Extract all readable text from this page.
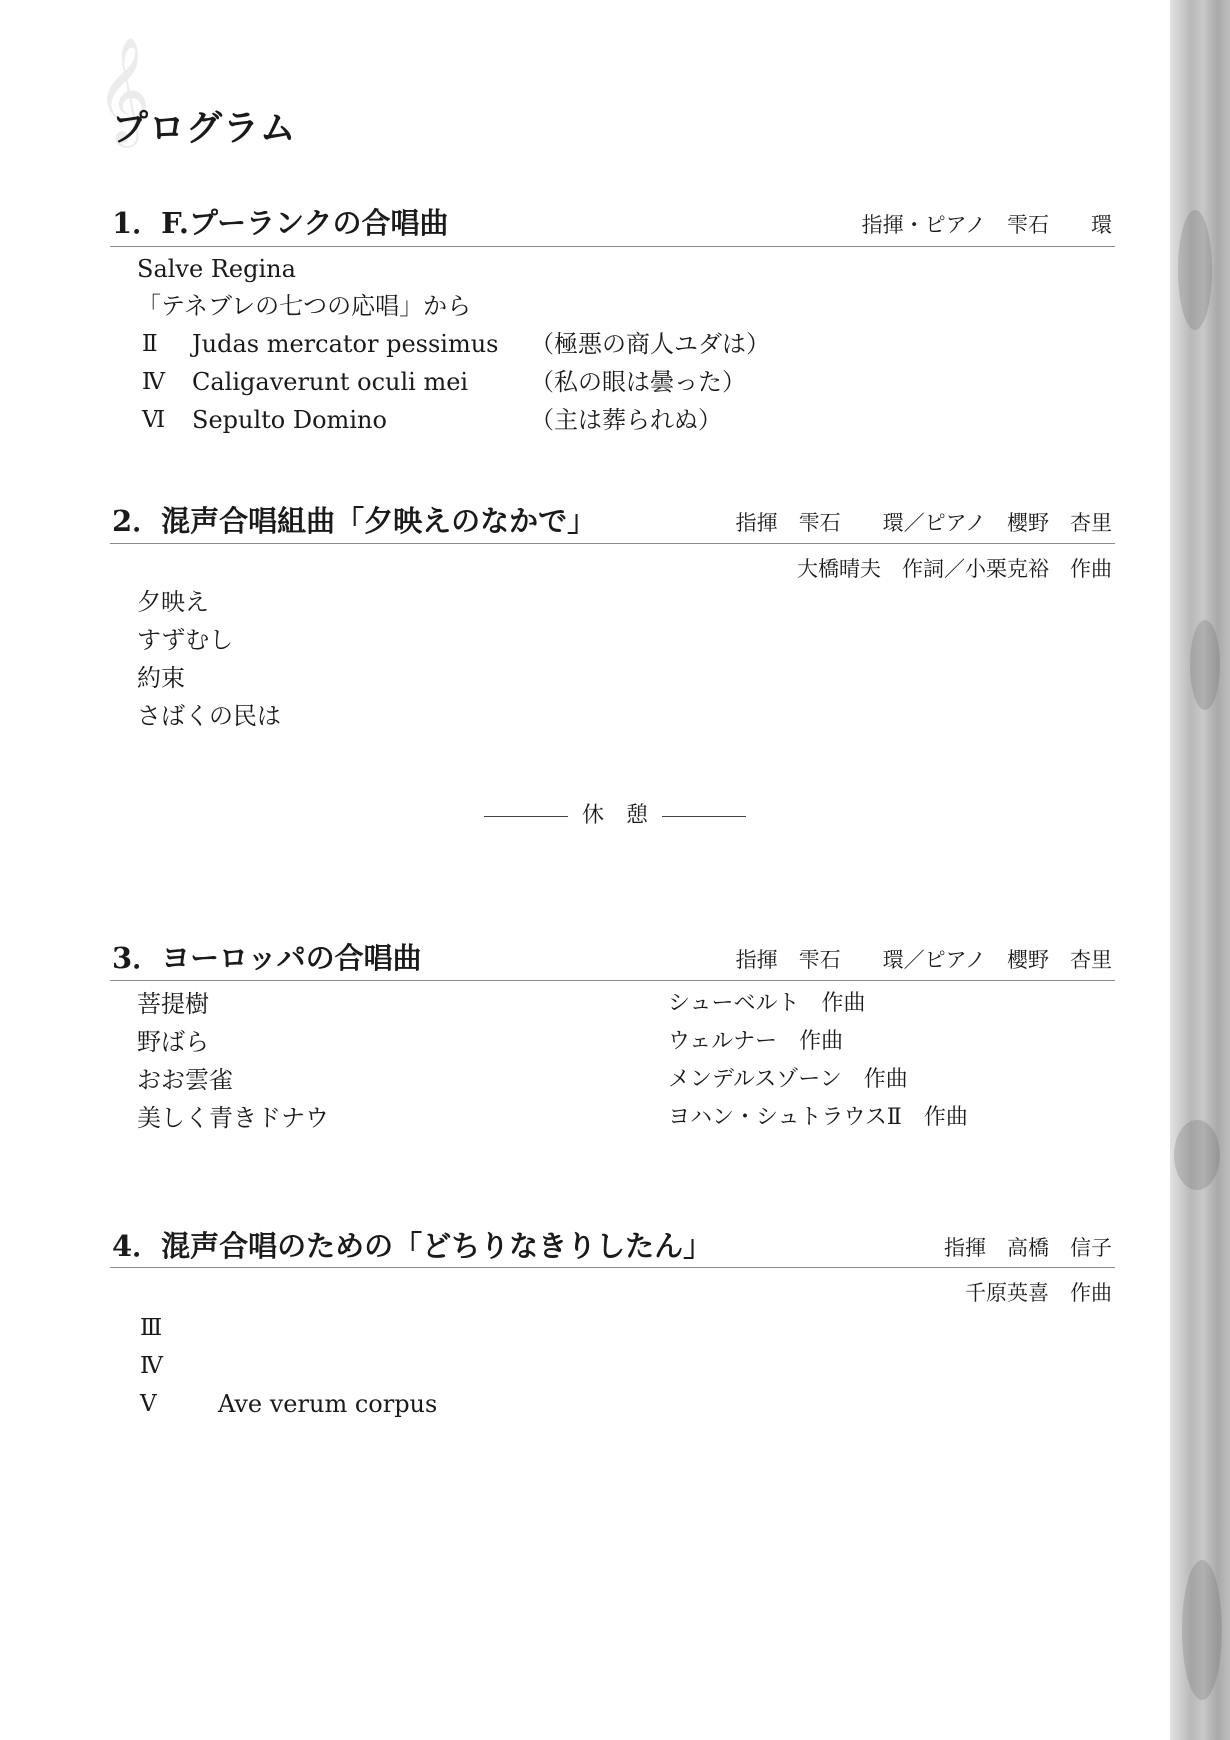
𝄞
プログラム
1．F.プーランクの合唱曲	指揮・ピアノ　雫石　　環
Salve Regina
「テネブレの七つの応唱」から
Ⅱ Judas mercator pessimus （極悪の商人ユダは）
Ⅳ Caligaverunt oculi mei	（私の眼は曇った）
Ⅵ Sepulto Domino	（主は葬られぬ）
2．混声合唱組曲「夕映えのなかで」	指揮　雫石　　環／ピアノ　櫻野　杏里
大橋晴夫　作詞／小栗克裕　作曲
夕映え
すずむし
約束
さばくの民は
休　憩
3．ヨーロッパの合唱曲	指揮　雫石　　環／ピアノ　櫻野　杏里
菩提樹	シューベルト　作曲
野ばら	ウェルナー　作曲
おお雲雀	メンデルスゾーン　作曲
美しく青きドナウ	ヨハン・シュトラウスⅡ　作曲
4．混声合唱のための「どちりなきりしたん」	指揮　高橋　信子
千原英喜　作曲
Ⅲ
Ⅳ
Ⅴ	Ave verum corpus
